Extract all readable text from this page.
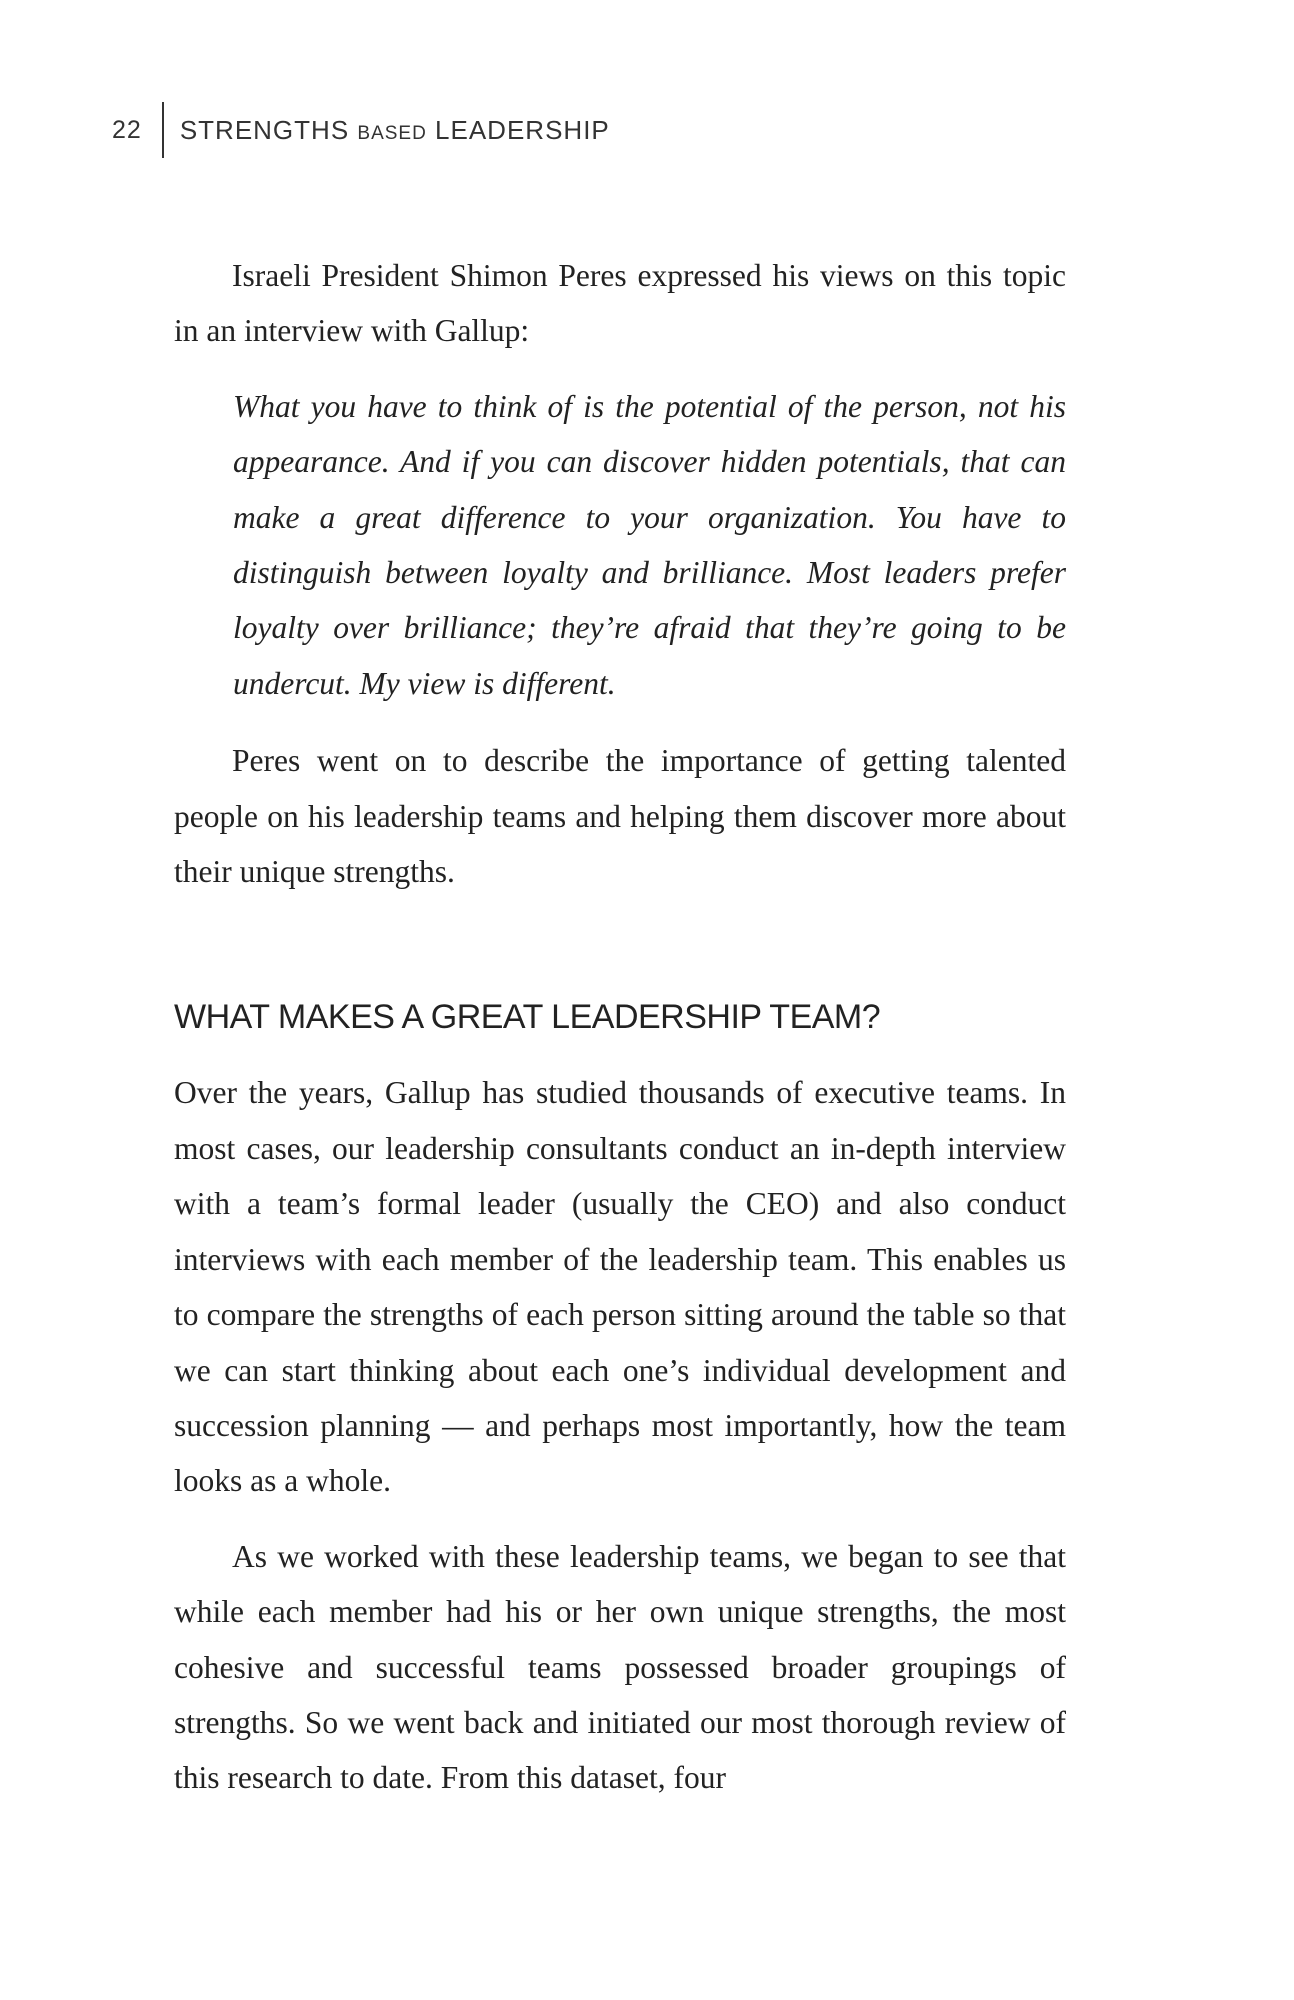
22 STRENGTHS BASED LEADERSHIP

Israeli President Shimon Peres expressed his views on this topic in an interview with Gallup:

What you have to think of is the potential of the person, not his appearance. And if you can discover hidden potentials, that can make a great difference to your organization. You have to distinguish between loyalty and brilliance. Most leaders prefer loyalty over brilliance; they’re afraid that they’re going to be undercut. My view is different.

Peres went on to describe the importance of getting talented people on his leadership teams and helping them discover more about their unique strengths.

WHAT MAKES A GREAT LEADERSHIP TEAM?

Over the years, Gallup has studied thousands of executive teams. In most cases, our leadership consultants conduct an in-depth interview with a team’s formal leader (usually the CEO) and also conduct interviews with each member of the leadership team. This enables us to compare the strengths of each person sitting around the table so that we can start thinking about each one’s individual development and succession planning — and perhaps most importantly, how the team looks as a whole.

As we worked with these leadership teams, we began to see that while each member had his or her own unique strengths, the most cohesive and successful teams possessed broader groupings of strengths. So we went back and initiated our most thorough review of this research to date. From this dataset, four
